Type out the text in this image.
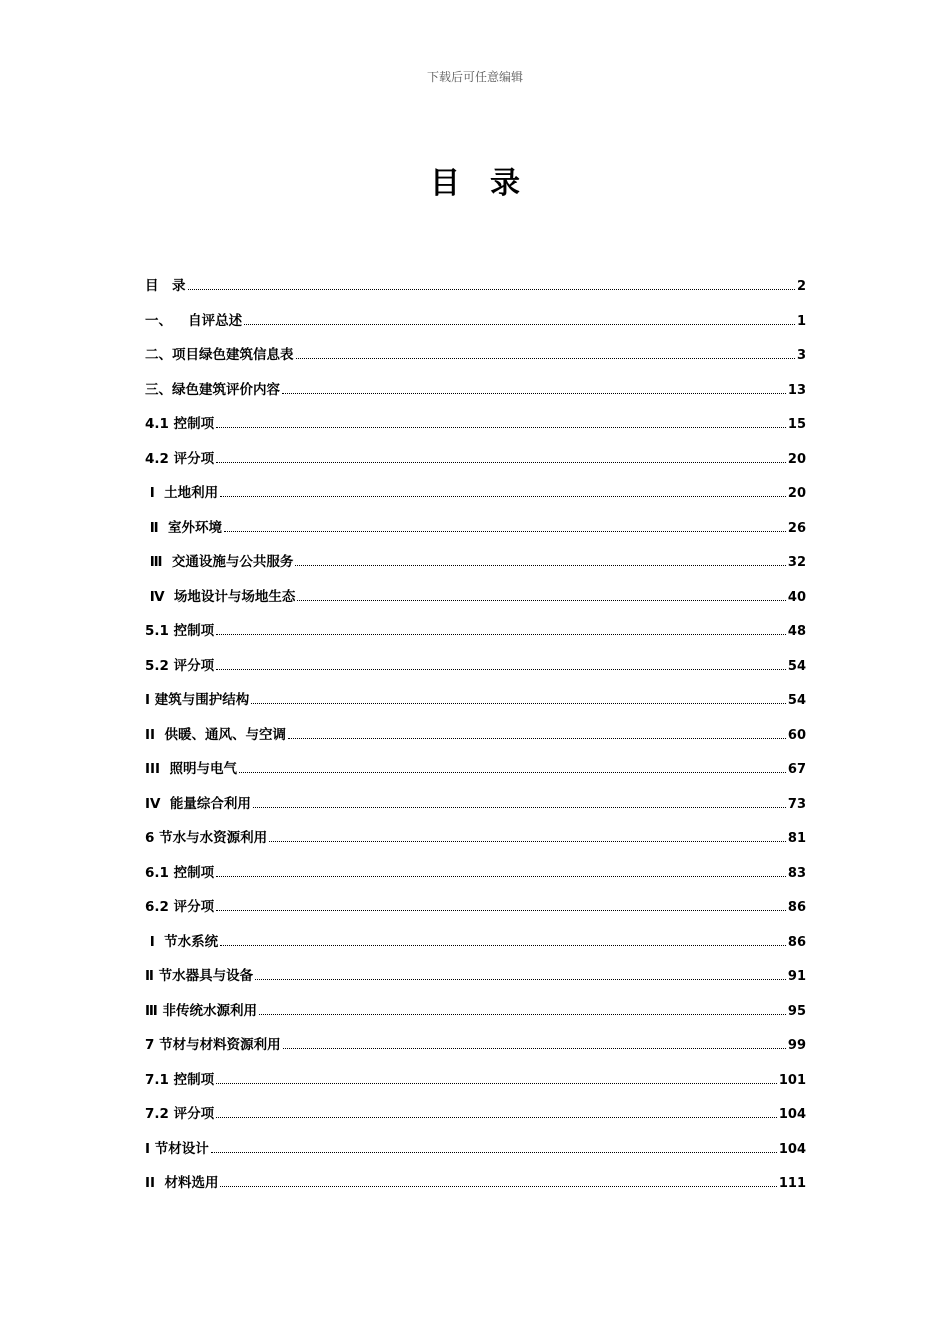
下载后可任意编辑
目录
目　录	2
一、　  自评总述	1
二、项目绿色建筑信息表	3
三、绿色建筑评价内容	13
4.1 控制项	15
4.2 评分项	20
Ⅰ  土地利用	20
Ⅱ  室外环境	26
Ⅲ  交通设施与公共服务	32
Ⅳ  场地设计与场地生态	40
5.1 控制项	48
5.2 评分项	54
I 建筑与围护结构	54
II  供暖、通风、与空调	60
III  照明与电气	67
IV  能量综合利用	73
6 节水与水资源利用	81
6.1 控制项	83
6.2 评分项	86
Ⅰ  节水系统	86
Ⅱ 节水器具与设备	91
Ⅲ 非传统水源利用	95
7 节材与材料资源利用	99
7.1 控制项	101
7.2 评分项	104
I 节材设计	104
II  材料选用	111
